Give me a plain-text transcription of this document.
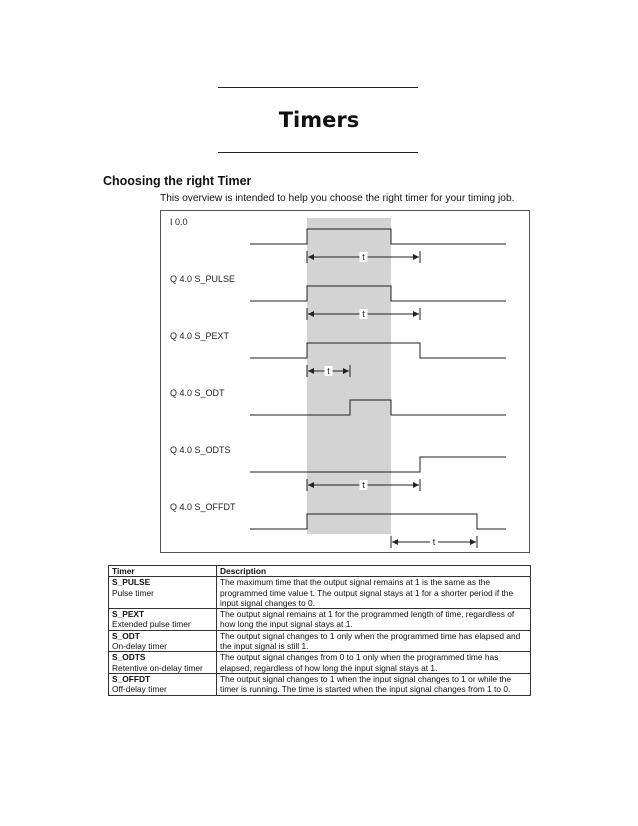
Timers
Choosing the right Timer
This overview is intended to help you choose the right timer for your timing job.
I 0.0
Q 4.0 S_PULSE
Q 4.0 S_PEXT
Q 4.0 S_ODT
Q 4.0 S_ODTS
Q 4.0 S_OFFDT
t
t
t
t
t
Timer	Description

S_PULSE
Pulse timer	The maximum time that the output signal remains at 1 is the same as the programmed time value t. The output signal stays at 1 for a shorter period if the input signal changes to 0.

S_PEXT
Extended pulse timer	The output signal remains at 1 for the programmed length of time, regardless of how long the input signal stays at 1.

S_ODT
On-delay timer	The output signal changes to 1 only when the programmed time has elapsed and the input signal is still 1.

S_ODTS
Retentive on-delay timer	The output signal changes from 0 to 1 only when the programmed time has elapsed, regardless of how long the input signal stays at 1.

S_OFFDT
Off-delay timer	The output signal changes to 1 when the input signal changes to 1 or while the timer is running. The time is started when the input signal changes from 1 to 0.
